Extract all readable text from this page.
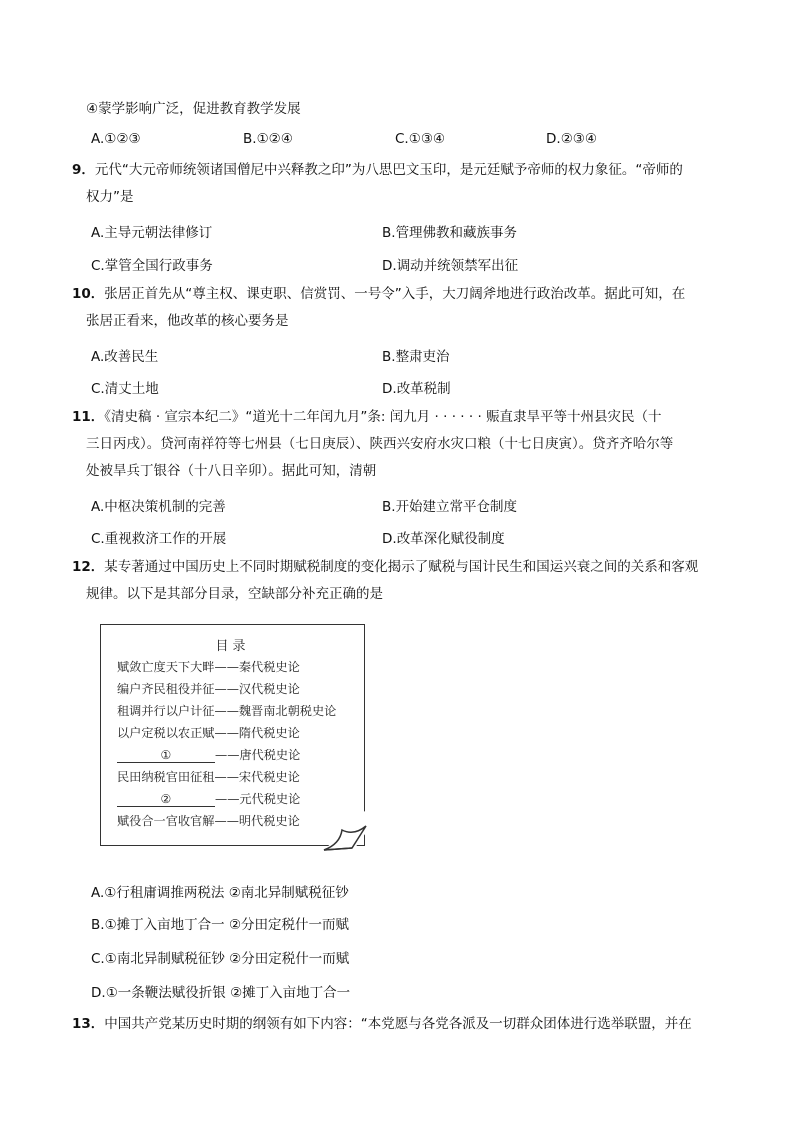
④蒙学影响广泛，促进教育教学发展
A.①②③	B.①②④	C.①③④	D.②③④
9．元代“大元帝师统领诸国僧尼中兴释教之印”为八思巴文玉印，是元廷赋予帝师的权力象征。“帝师的
权力”是
A.主导元朝法律修订	B.管理佛教和藏族事务
C.掌管全国行政事务	D.调动并统领禁军出征
10．张居正首先从“尊主权、课吏职、信赏罚、一号令”入手，大刀阔斧地进行政治改革。据此可知，在
张居正看来，他改革的核心要务是
A.改善民生	B.整肃吏治
C.清丈土地	D.改革税制
11．《清史稿 · 宣宗本纪二》“道光十二年闰九月”条: 闰九月 · · · · · · 赈直隶旱平等十州县灾民（十
三日丙戌）。贷河南祥符等七州县（七日庚辰）、陕西兴安府水灾口粮（十七日庚寅）。贷齐齐哈尔等
处被旱兵丁银谷（十八日辛卯）。据此可知，清朝
A.中枢决策机制的完善	B.开始建立常平仓制度
C.重视救济工作的开展	D.改革深化赋役制度
12．某专著通过中国历史上不同时期赋税制度的变化揭示了赋税与国计民生和国运兴衰之间的关系和客观
规律。以下是其部分目录，空缺部分补充正确的是
目录
赋敛亡度天下大畔——秦代税史论
编户齐民租役并征——汉代税史论
租调并行以户计征——魏晋南北朝税史论
以户定税以农正赋——隋代税史论
①	——唐代税史论
民田纳税官田征租——宋代税史论
②	——元代税史论
赋役合一官收官解——明代税史论
A.①行租庸调推两税法 ②南北异制赋税征钞
B.①摊丁入亩地丁合一 ②分田定税什一而赋
C.①南北异制赋税征钞 ②分田定税什一而赋
D.①一条鞭法赋役折银 ②摊丁入亩地丁合一
13．中国共产党某历史时期的纲领有如下内容：“本党愿与各党各派及一切群众团体进行选举联盟，并在
